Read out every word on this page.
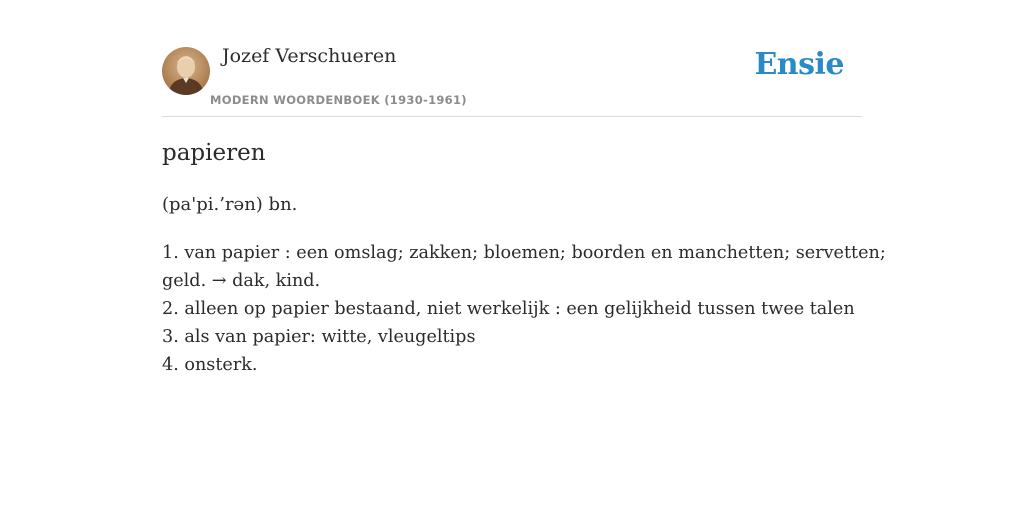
Jozef Verschueren
MODERN WOORDENBOEK (1930-1961)
Ensie
papieren
(pa'pi.’rən) bn.
1. van papier : een omslag; zakken; bloemen; boorden en manchetten; servetten;
geld. → dak, kind.
2. alleen op papier bestaand, niet werkelijk : een gelijkheid tussen twee talen
3. als van papier: witte, vleugeltips
4. onsterk.
